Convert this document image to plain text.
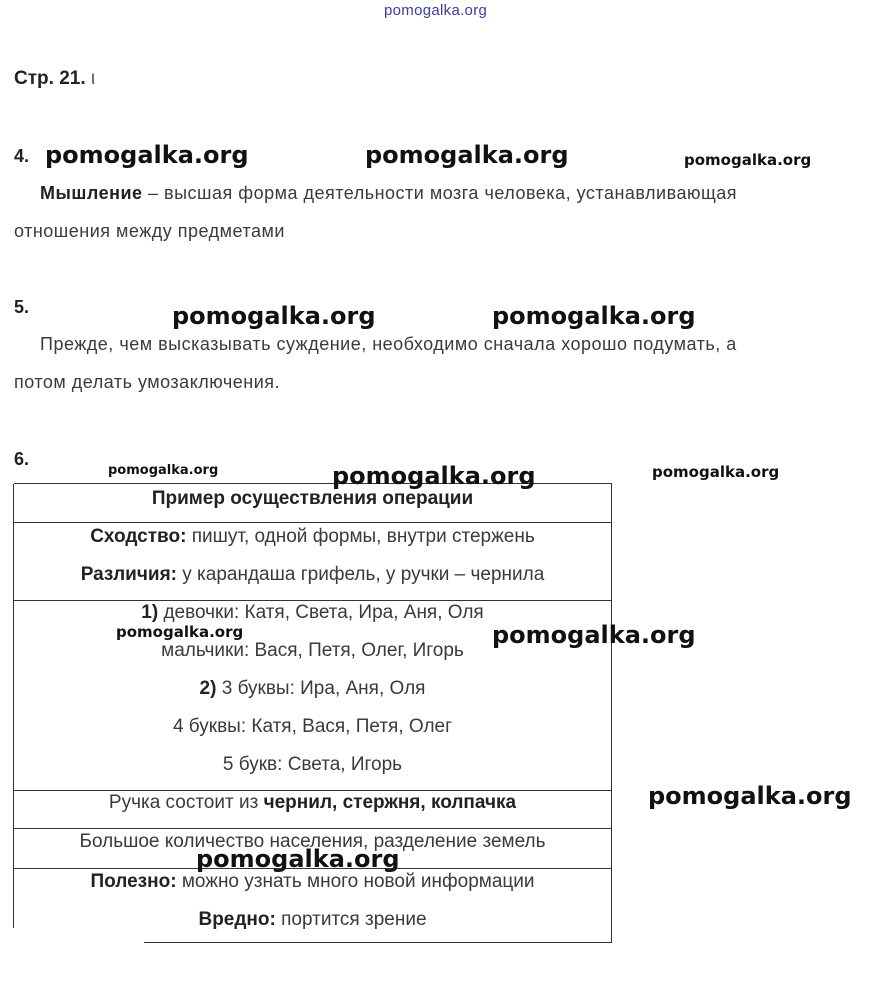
pomogalka.org
Стр. 21. ι
4.
Мышление – высшая форма деятельности мозга человека, устанавливающая
отношения между предметами
5.
Прежде, чем высказывать суждение, необходимо сначала хорошо подумать, а
потом делать умозаключения.
6.
Пример осуществления операции
Сходство: пишут, одной формы, внутри стержень
Различия: у карандаша грифель, у ручки – чернила
1) девочки: Катя, Света, Ира, Аня, Оля
мальчики: Вася, Петя, Олег, Игорь
2) 3 буквы: Ира, Аня, Оля
4 буквы: Катя, Вася, Петя, Олег
5 букв: Света, Игорь
Ручка состоит из чернил, стержня, колпачка
Большое количество населения, разделение земель
Полезно: можно узнать много новой информации
Вредно: портится зрение
pomogalka.org	pomogalka.org	pomogalka.org
pomogalka.org	pomogalka.org
pomogalka.org	pomogalka.org	pomogalka.org
pomogalka.org	pomogalka.org
pomogalka.org
pomogalka.org
